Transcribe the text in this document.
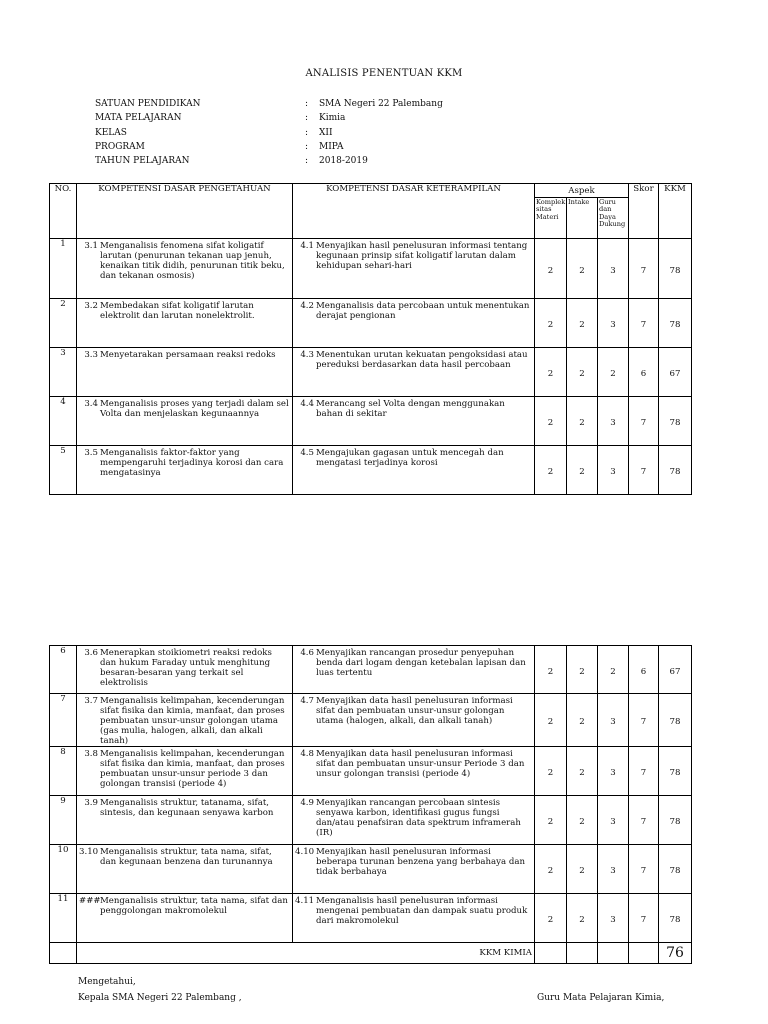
ANALISIS PENENTUAN KKM
SATUAN PENDIDIKAN	:	SMA Negeri 22 Palembang
MATA PELAJARAN	:	Kimia
KELAS	:	XII
PROGRAM	:	MIPA
TAHUN PELAJARAN	:	2018-2019
NO.	KOMPETENSI DASAR PENGETAHUAN	KOMPETENSI DASAR KETERAMPILAN	Aspek			Skor	KKM
			Komplek sitas Materi	Intake	Guru dan Daya Dukung		
1	3.1 Menganalisis fenomena sifat koligatif larutan (penurunan tekanan uap jenuh, kenaikan titik didih, penurunan titik beku, dan tekanan osmosis)	4.1 Menyajikan hasil penelusuran informasi tentang kegunaan prinsip sifat koligatif larutan dalam kehidupan sehari-hari	2	2	3	7	78
2	3.2 Membedakan sifat koligatif larutan elektrolit dan larutan nonelektrolit.	4.2 Menganalisis data percobaan untuk menentukan derajat pengionan	2	2	3	7	78
3	3.3 Menyetarakan persamaan reaksi redoks	4.3 Menentukan urutan kekuatan pengoksidasi atau pereduksi berdasarkan data hasil percobaan	2	2	2	6	67
4	3.4 Menganalisis proses yang terjadi dalam sel Volta dan menjelaskan kegunaannya	4.4 Merancang sel Volta dengan menggunakan bahan di sekitar	2	2	3	7	78
5	3.5 Menganalisis faktor-faktor yang mempengaruhi terjadinya korosi dan cara mengatasinya	4.5 Mengajukan gagasan untuk mencegah dan mengatasi terjadinya korosi	2	2	3	7	78
6	3.6 Menerapkan stoikiometri reaksi redoks dan hukum Faraday untuk menghitung besaran-besaran yang terkait sel elektrolisis	4.6 Menyajikan rancangan prosedur penyepuhan benda dari logam dengan ketebalan lapisan dan luas tertentu	2	2	2	6	67
7	3.7 Menganalisis kelimpahan, kecenderungan sifat fisika dan kimia, manfaat, dan proses pembuatan unsur-unsur golongan utama (gas mulia, halogen, alkali, dan alkali tanah)	4.7 Menyajikan data hasil penelusuran informasi sifat dan pembuatan unsur-unsur golongan utama (halogen, alkali, dan alkali tanah)	2	2	3	7	78
8	3.8 Menganalisis kelimpahan, kecenderungan sifat fisika dan kimia, manfaat, dan proses pembuatan unsur-unsur periode 3 dan golongan transisi (periode 4)	4.8 Menyajikan data hasil penelusuran informasi sifat dan pembuatan unsur-unsur Periode 3 dan unsur golongan transisi (periode 4)	2	2	3	7	78
9	3.9 Menganalisis struktur, tatanama, sifat, sintesis, dan kegunaan senyawa karbon	4.9 Menyajikan rancangan percobaan sintesis senyawa karbon, identifikasi gugus fungsi dan/atau penafsiran data spektrum inframerah (IR)	2	2	3	7	78
10	3.10 Menganalisis struktur, tata nama, sifat, dan kegunaan benzena dan turunannya	4.10 Menyajikan hasil penelusuran informasi beberapa turunan benzena yang berbahaya dan tidak berbahaya	2	2	3	7	78
11	### Menganalisis struktur, tata nama, sifat dan penggolongan makromolekul	4.11 Menganalisis hasil penelusuran informasi mengenai pembuatan dan dampak suatu produk dari makromolekul	2	2	3	7	78
	KKM KIMIA						76
Mengetahui,
Kepala SMA Negeri 22 Palembang ,	Guru Mata Pelajaran Kimia,
